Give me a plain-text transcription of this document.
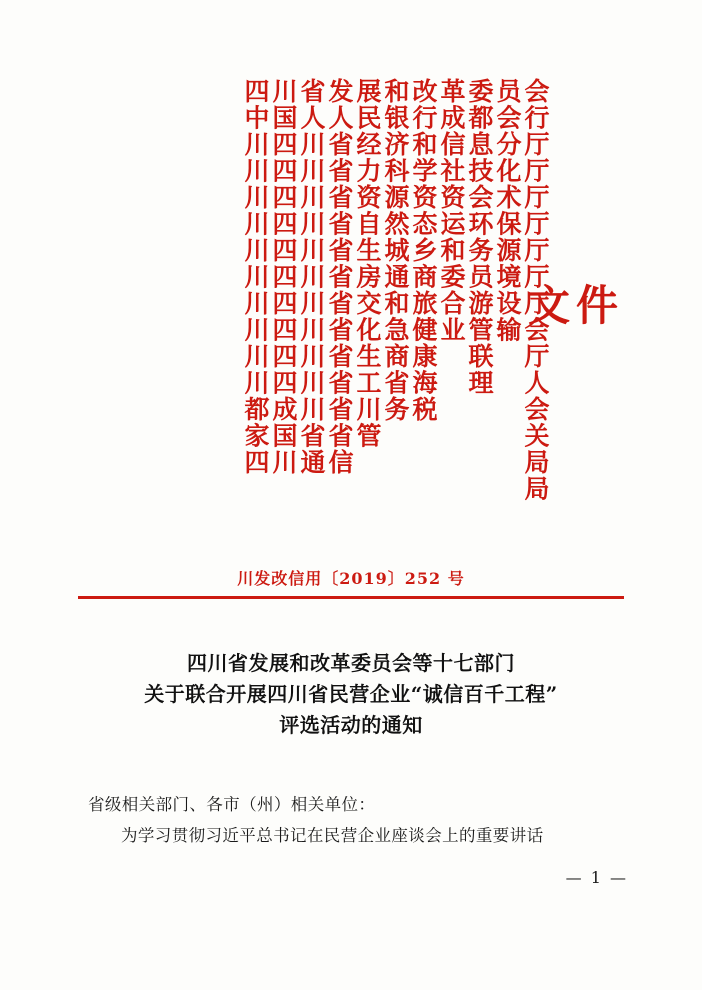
会行厅厅厅厅厅厅厅会厅人会关局局
员会分化术保源境设输
委都息技会环务员游管联理
革成信社资运和委合业
改行和学资态乡商旅健康海税
和银济科源然城通和急商省务
展民经力资自生房交化生工川管
发人省省省省省省省省省省省省信
省人川川川川川川川川川川川省通
川国四四四四四四四四四四成国川
四中川川川川川川川川川川都家四	文件
川发改信用〔2019〕252 号
四川省发展和改革委员会等十七部门
关于联合开展四川省民营企业“诚信百千工程”
评选活动的通知
省级相关部门、各市（州）相关单位：
为学习贯彻习近平总书记在民营企业座谈会上的重要讲话
— 1 —
